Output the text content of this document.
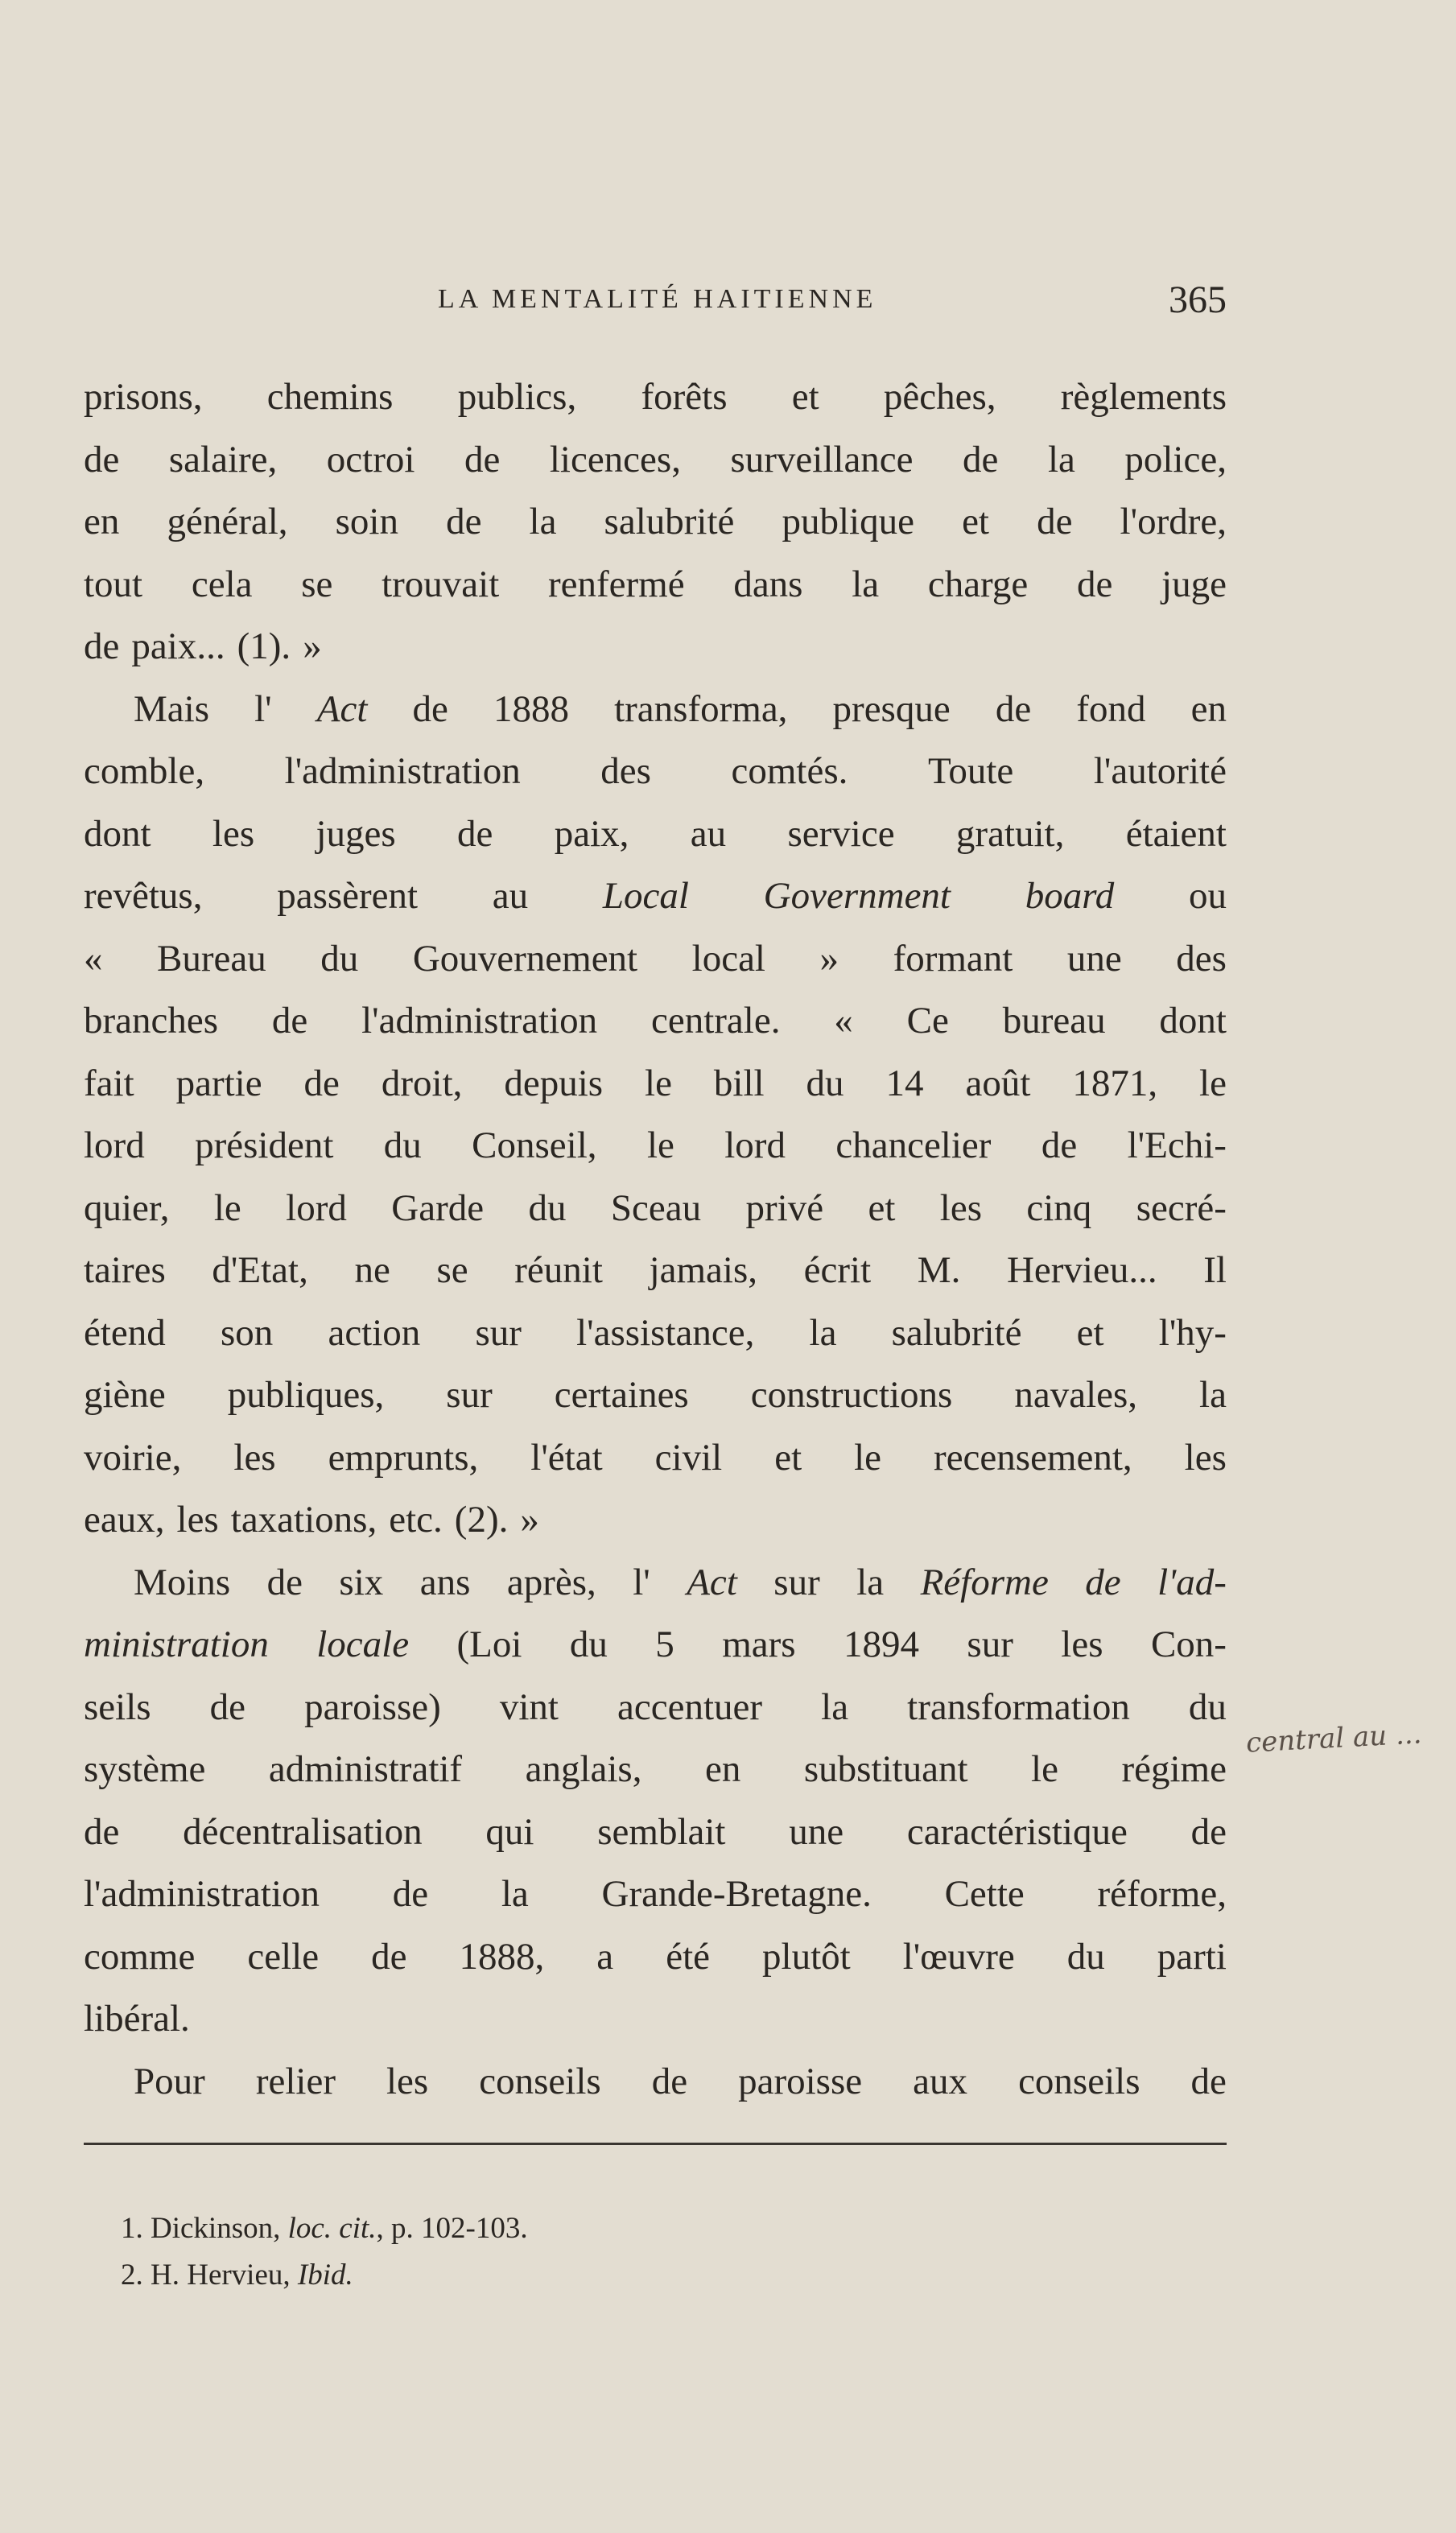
LA MENTALITÉ HAITIENNE	365
prisons, chemins publics, forêts et pêches, règlements
de salaire, octroi de licences, surveillance de la police,
en général, soin de la salubrité publique et de l'ordre,
tout cela se trouvait renfermé dans la charge de juge
de paix... (1). »
Mais l' Act de 1888 transforma, presque de fond en
comble, l'administration des comtés. Toute l'autorité
dont les juges de paix, au service gratuit, étaient
revêtus, passèrent au Local Government board ou
« Bureau du Gouvernement local » formant une des
branches de l'administration centrale. « Ce bureau dont
fait partie de droit, depuis le bill du 14 août 1871, le
lord président du Conseil, le lord chancelier de l'Echi-
quier, le lord Garde du Sceau privé et les cinq secré-
taires d'Etat, ne se réunit jamais, écrit M. Hervieu... Il
étend son action sur l'assistance, la salubrité et l'hy-
giène publiques, sur certaines constructions navales, la
voirie, les emprunts, l'état civil et le recensement, les
eaux, les taxations, etc. (2). »
Moins de six ans après, l' Act sur la Réforme de l'ad-
ministration locale (Loi du 5 mars 1894 sur les Con-
seils de paroisse) vint accentuer la transformation du
système administratif anglais, en substituant le régime
de décentralisation qui semblait une caractéristique de
l'administration de la Grande-Bretagne. Cette réforme,
comme celle de 1888, a été plutôt l'œuvre du parti
libéral.
Pour relier les conseils de paroisse aux conseils de
central au ...
1. Dickinson, loc. cit., p. 102-103.
2. H. Hervieu, Ibid.
